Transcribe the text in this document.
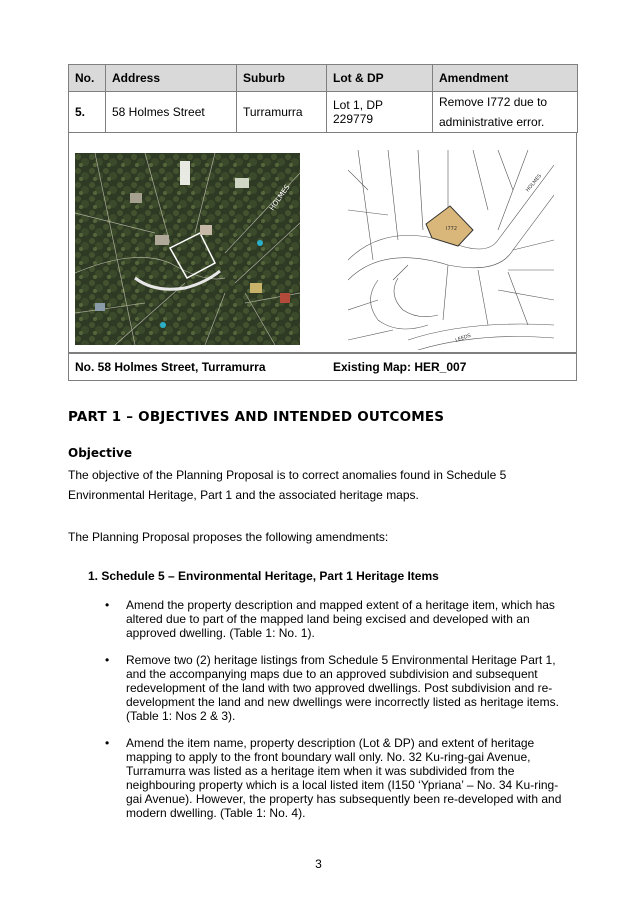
No.	Address	Suburb	Lot & DP	Amendment
5.	58 Holmes Street	Turramurra	Lot 1, DP 229779	Remove I772 due to
administrative error.
HOLMES
I772
HOLMES
LEEDS
No. 58 Holmes Street, Turramurra	Existing Map: HER_007
PART 1 – OBJECTIVES AND INTENDED OUTCOMES
Objective
The objective of the Planning Proposal is to correct anomalies found in Schedule 5
Environmental Heritage, Part 1 and the associated heritage maps.
The Planning Proposal proposes the following amendments:
1. Schedule 5 – Environmental Heritage, Part 1 Heritage Items
• Amend the property description and mapped extent of a heritage item, which has
altered due to part of the mapped land being excised and developed with an
approved dwelling. (Table 1: No. 1).
• Remove two (2) heritage listings from Schedule 5 Environmental Heritage Part 1,
and the accompanying maps due to an approved subdivision and subsequent
redevelopment of the land with two approved dwellings. Post subdivision and re-
development the land and new dwellings were incorrectly listed as heritage items.
(Table 1: Nos 2 & 3).
• Amend the item name, property description (Lot & DP) and extent of heritage
mapping to apply to the front boundary wall only. No. 32 Ku-ring-gai Avenue,
Turramurra was listed as a heritage item when it was subdivided from the
neighbouring property which is a local listed item (I150 ‘Ypriana’ – No. 34 Ku-ring-
gai Avenue). However, the property has subsequently been re-developed with and
modern dwelling. (Table 1: No. 4).
3
